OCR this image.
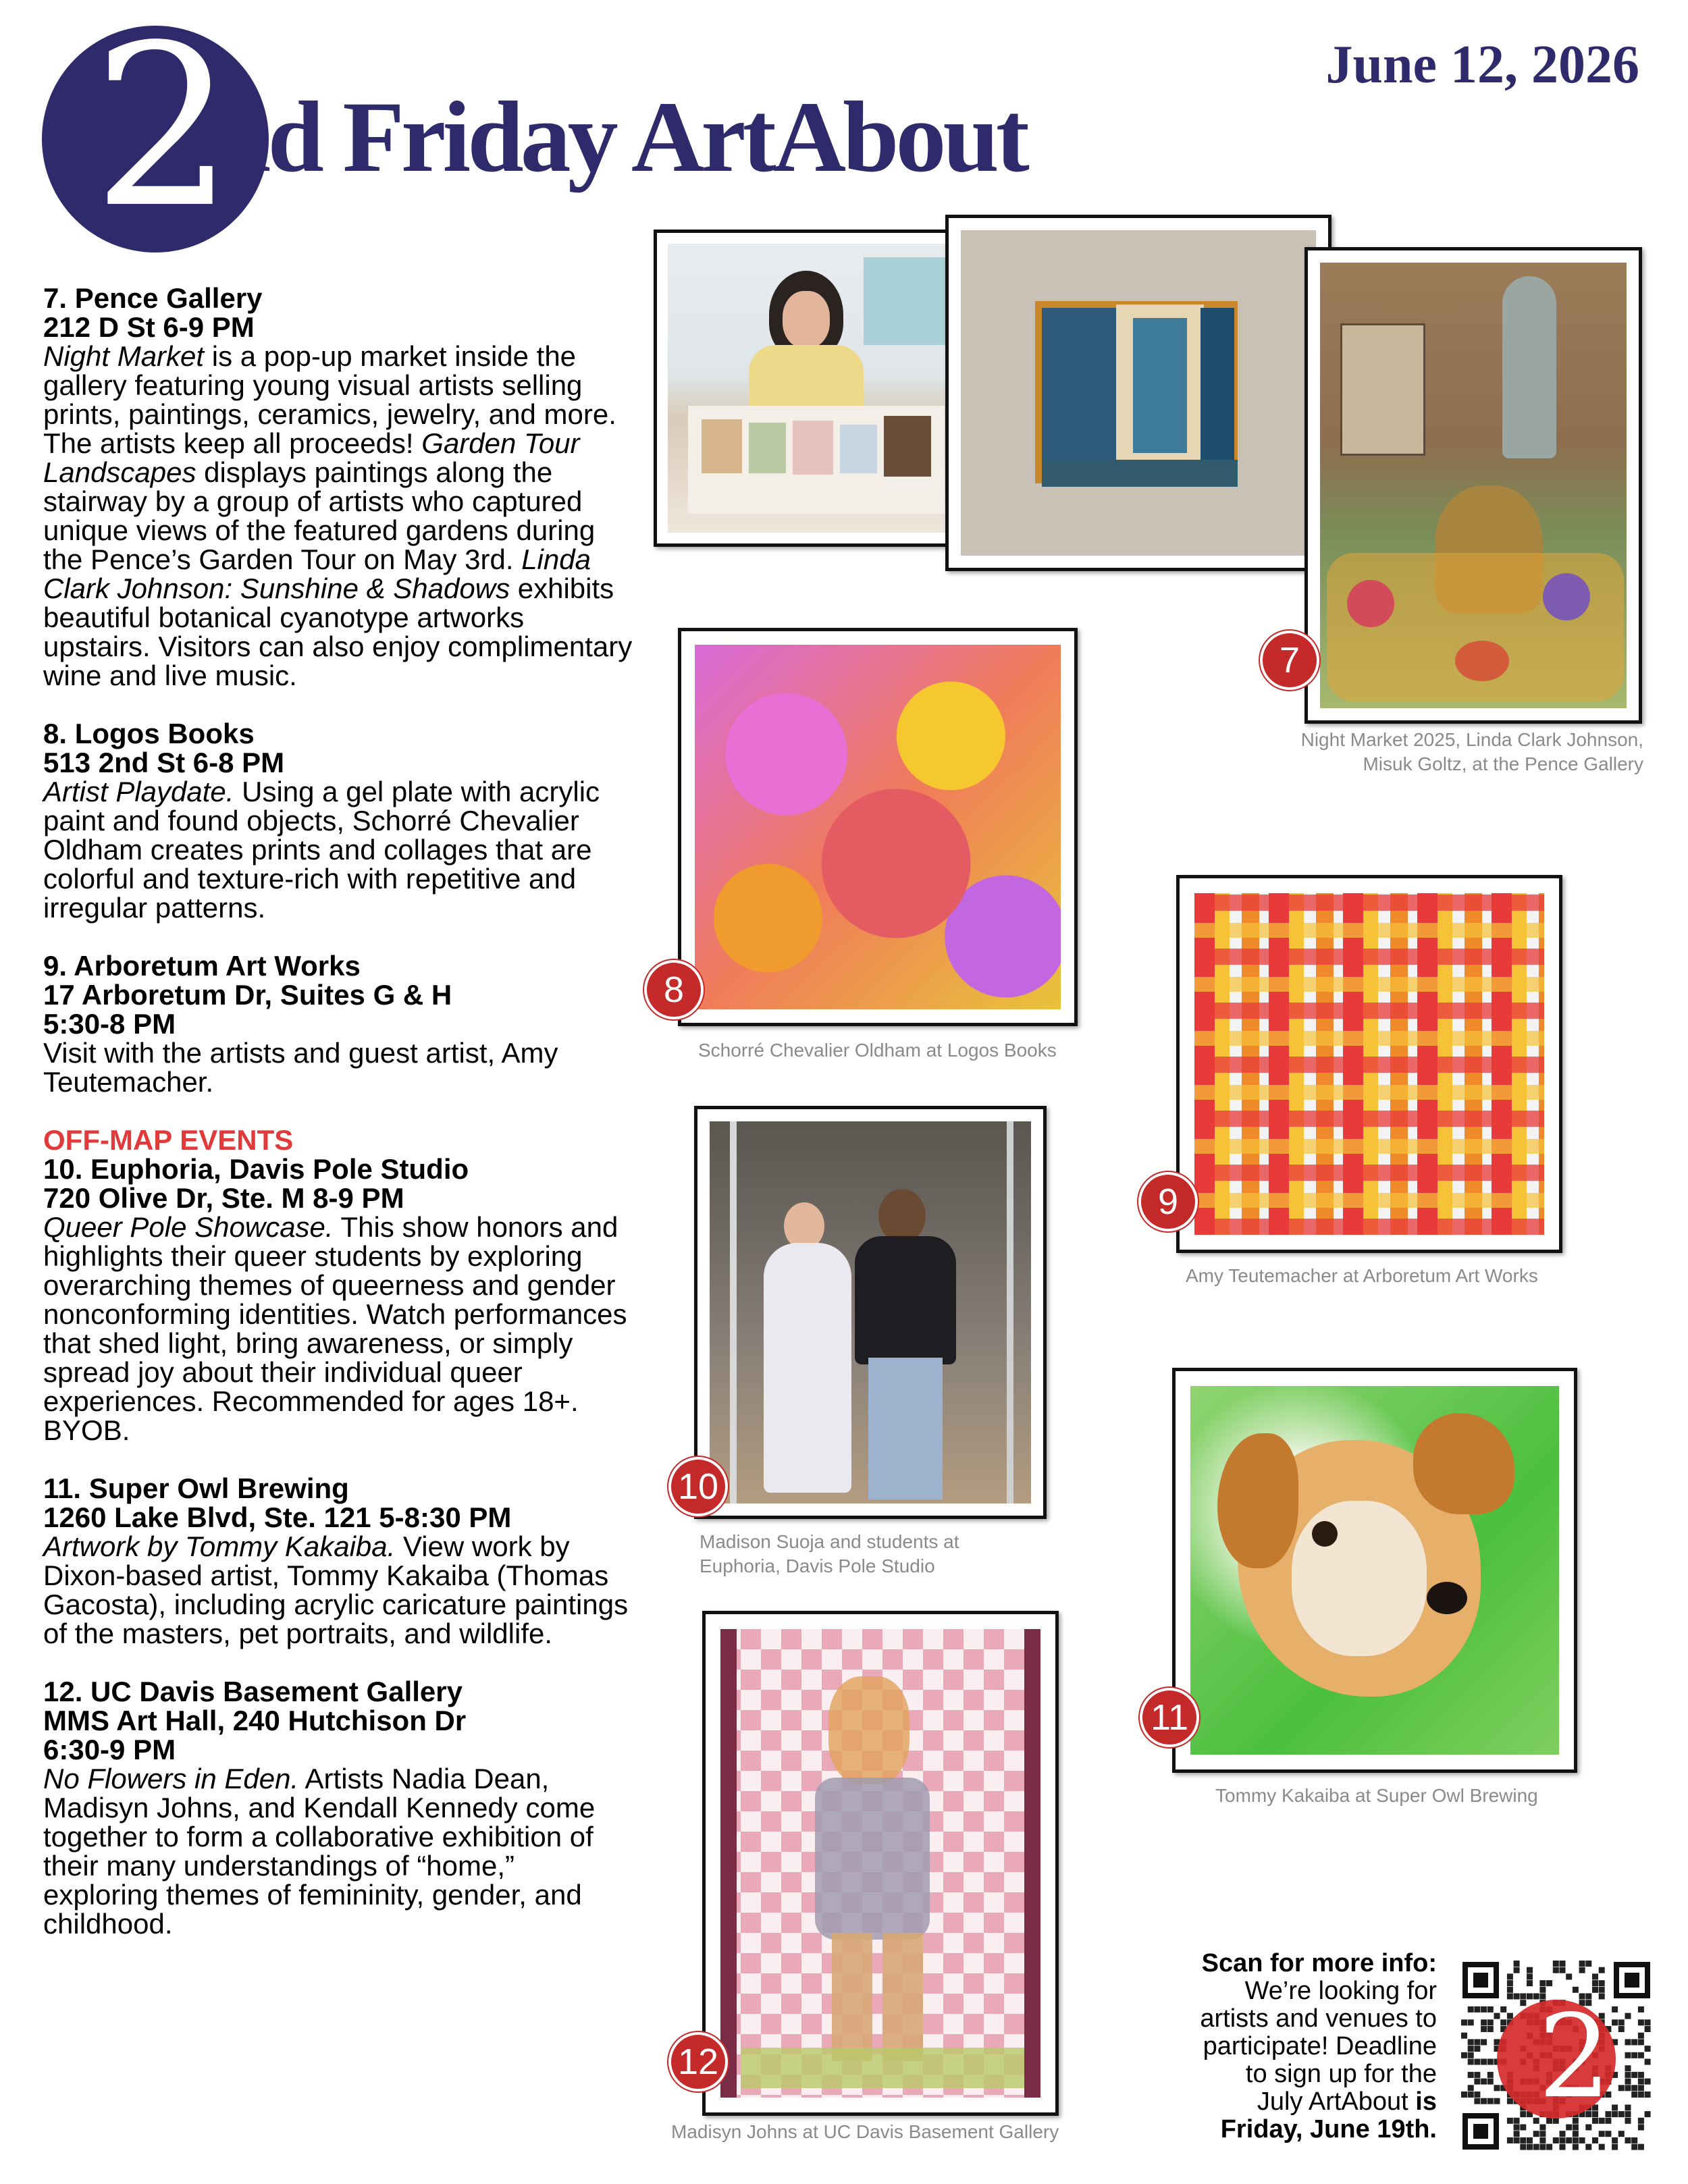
2
nd Friday ArtAbout
June 12, 2026
7. Pence Gallery
212 D St 6-9 PM
Night Market is a pop-up market inside the gallery featuring young visual artists selling prints, paintings, ceramics, jewelry, and more. The artists keep all proceeds! Garden Tour Landscapes displays paintings along the stairway by a group of artists who captured unique views of the featured gardens during the Pence’s Garden Tour on May 3rd. Linda Clark Johnson: Sunshine & Shadows exhibits beautiful botanical cyanotype artworks upstairs. Visitors can also enjoy complimentary wine and live music.
8. Logos Books
513 2nd St 6-8 PM
Artist Playdate. Using a gel plate with acrylic paint and found objects, Schorré Chevalier Oldham creates prints and collages that are colorful and texture-rich with repetitive and irregular patterns.
9. Arboretum Art Works
17 Arboretum Dr, Suites G & H
5:30-8 PM
Visit with the artists and guest artist, Amy Teutemacher.
OFF-MAP EVENTS
10. Euphoria, Davis Pole Studio
720 Olive Dr, Ste. M 8-9 PM
Queer Pole Showcase. This show honors and highlights their queer students by exploring overarching themes of queerness and gender nonconforming identities. Watch performances that shed light, bring awareness, or simply spread joy about their individual queer experiences. Recommended for ages 18+. BYOB.
11. Super Owl Brewing
1260 Lake Blvd, Ste. 121 5-8:30 PM
Artwork by Tommy Kakaiba. View work by Dixon-based artist, Tommy Kakaiba (Thomas Gacosta), including acrylic caricature paintings of the masters, pet portraits, and wildlife.
12. UC Davis Basement Gallery
MMS Art Hall, 240 Hutchison Dr
6:30-9 PM
No Flowers in Eden. Artists Nadia Dean, Madisyn Johns, and Kendall Kennedy come together to form a collaborative exhibition of their many understandings of “home,” exploring themes of femininity, gender, and childhood.
7
Night Market 2025, Linda Clark Johnson,
Misuk Goltz, at the Pence Gallery
8
Schorré Chevalier Oldham at Logos Books
9
Amy Teutemacher at Arboretum Art Works
10
Madison Suoja and students at
Euphoria, Davis Pole Studio
11
Tommy Kakaiba at Super Owl Brewing
12
Madisyn Johns at UC Davis Basement Gallery
Scan for more info:
We’re looking for
artists and venues to
participate! Deadline
to sign up for the
July ArtAbout is
Friday, June 19th.
2
